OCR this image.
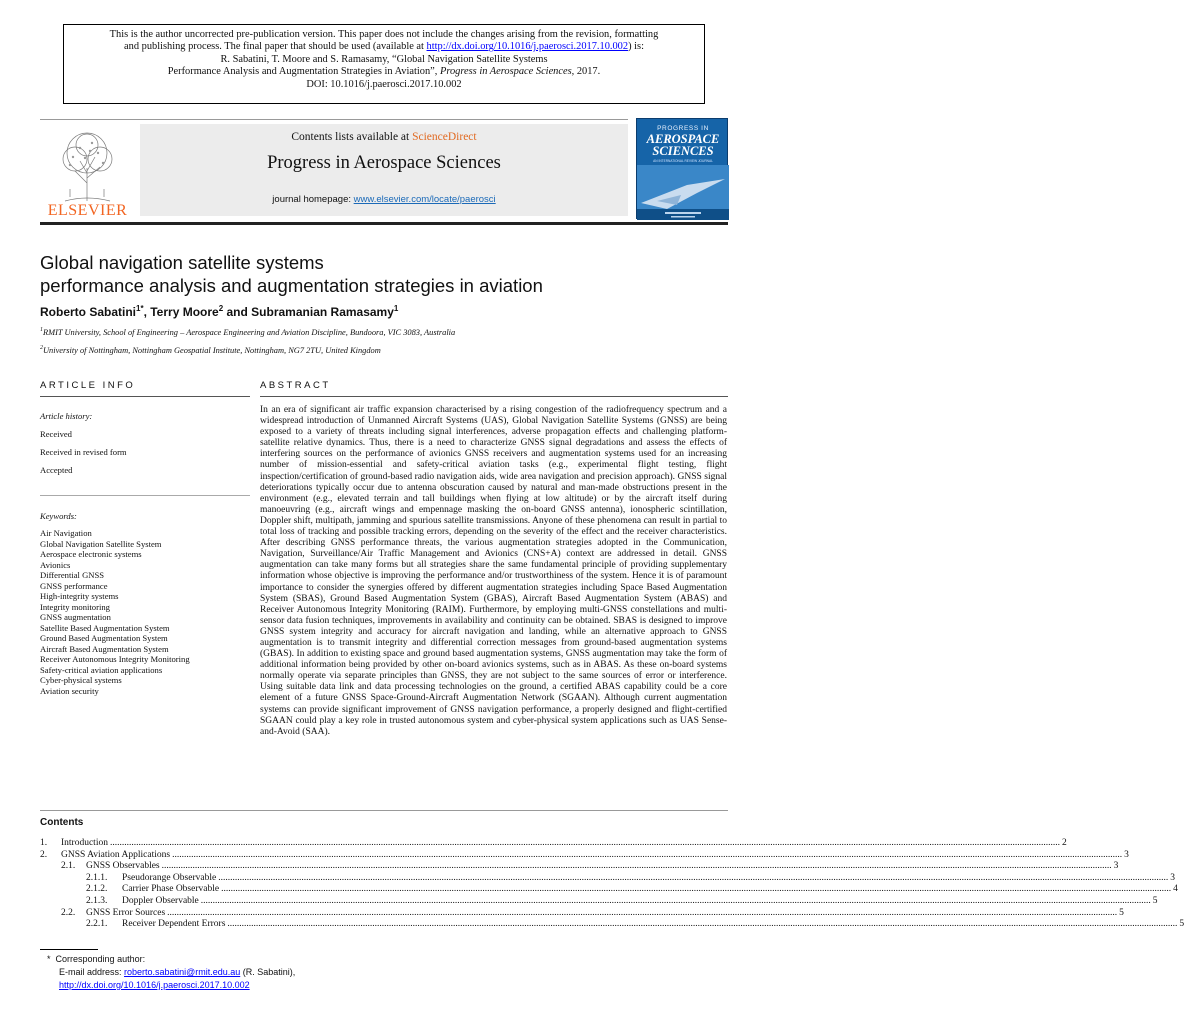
This is the author uncorrected pre-publication version. This paper does not include the changes arising from the revision, formatting
and publishing process. The final paper that should be used (available at http://dx.doi.org/10.1016/j.paerosci.2017.10.002) is:
R. Sabatini, T. Moore and S. Ramasamy, “Global Navigation Satellite Systems
Performance Analysis and Augmentation Strategies in Aviation”, Progress in Aerospace Sciences, 2017.
DOI: 10.1016/j.paerosci.2017.10.002
ELSEVIER
Contents lists available at ScienceDirect
Progress in Aerospace Sciences
journal homepage: www.elsevier.com/locate/paerosci
PROGRESS IN
AEROSPACE
SCIENCES
AN INTERNATIONAL REVIEW JOURNAL
Global navigation satellite systems
performance analysis and augmentation strategies in aviation
Roberto Sabatini$^{1*}$, Terry Moore$^2$ and Subramanian Ramasamy$^1$
$^1$RMIT University, School of Engineering – Aerospace Engineering and Aviation Discipline, Bundoora, VIC 3083, Australia
$^2$University of Nottingham, Nottingham Geospatial Institute, Nottingham, NG7 2TU, United Kingdom
ARTICLE INFO
Article history:
Received
Received in revised form
Accepted
Keywords:
Air Navigation
Global Navigation Satellite System
Aerospace electronic systems
Avionics
Differential GNSS
GNSS performance
High-integrity systems
Integrity monitoring
GNSS augmentation
Satellite Based Augmentation System
Ground Based Augmentation System
Aircraft Based Augmentation System
Receiver Autonomous Integrity Monitoring
Safety-critical aviation applications
Cyber-physical systems
Aviation security
ABSTRACT
In an era of significant air traffic expansion characterised by a rising congestion of the radiofrequency spectrum and a widespread introduction of Unmanned Aircraft Systems (UAS), Global Navigation Satellite Systems (GNSS) are being exposed to a variety of threats including signal interferences, adverse propagation effects and challenging platform-satellite relative dynamics. Thus, there is a need to characterize GNSS signal degradations and assess the effects of interfering sources on the performance of avionics GNSS receivers and augmentation systems used for an increasing number of mission-essential and safety-critical aviation tasks (e.g., experimental flight testing, flight inspection/certification of ground-based radio navigation aids, wide area navigation and precision approach). GNSS signal deteriorations typically occur due to antenna obscuration caused by natural and man-made obstructions present in the environment (e.g., elevated terrain and tall buildings when flying at low altitude) or by the aircraft itself during manoeuvring (e.g., aircraft wings and empennage masking the on-board GNSS antenna), ionospheric scintillation, Doppler shift, multipath, jamming and spurious satellite transmissions. Anyone of these phenomena can result in partial to total loss of tracking and possible tracking errors, depending on the severity of the effect and the receiver characteristics. After describing GNSS performance threats, the various augmentation strategies adopted in the Communication, Navigation, Surveillance/Air Traffic Management and Avionics (CNS+A) context are addressed in detail. GNSS augmentation can take many forms but all strategies share the same fundamental principle of providing supplementary information whose objective is improving the performance and/or trustworthiness of the system. Hence it is of paramount importance to consider the synergies offered by different augmentation strategies including Space Based Augmentation System (SBAS), Ground Based Augmentation System (GBAS), Aircraft Based Augmentation System (ABAS) and Receiver Autonomous Integrity Monitoring (RAIM). Furthermore, by employing multi-GNSS constellations and multi-sensor data fusion techniques, improvements in availability and continuity can be obtained. SBAS is designed to improve GNSS system integrity and accuracy for aircraft navigation and landing, while an alternative approach to GNSS augmentation is to transmit integrity and differential correction messages from ground-based augmentation systems (GBAS). In addition to existing space and ground based augmentation systems, GNSS augmentation may take the form of additional information being provided by other on-board avionics systems, such as in ABAS. As these on-board systems normally operate via separate principles than GNSS, they are not subject to the same sources of error or interference. Using suitable data link and data processing technologies on the ground, a certified ABAS capability could be a core element of a future GNSS Space-Ground-Aircraft Augmentation Network (SGAAN). Although current augmentation systems can provide significant improvement of GNSS navigation performance, a properly designed and flight-certified SGAAN could play a key role in trusted autonomous system and cyber-physical system applications such as UAS Sense-and-Avoid (SAA).
Contents
1.	Introduction ................................................................................................................................................................................................................................................................................................................................................................................................................ 2
2.	GNSS Aviation Applications ................................................................................................................................................................................................................................................................................................................................................................................................................ 3
2.1.	GNSS Observables ................................................................................................................................................................................................................................................................................................................................................................................................................ 3
2.1.1.	Pseudorange Observable ................................................................................................................................................................................................................................................................................................................................................................................................................ 3
2.1.2.	Carrier Phase Observable ................................................................................................................................................................................................................................................................................................................................................................................................................ 4
2.1.3.	Doppler Observable ................................................................................................................................................................................................................................................................................................................................................................................................................ 5
2.2.	GNSS Error Sources ................................................................................................................................................................................................................................................................................................................................................................................................................ 5
2.2.1.	Receiver Dependent Errors ................................................................................................................................................................................................................................................................................................................................................................................................................ 5
* Corresponding author:
E-mail address: roberto.sabatini@rmit.edu.au (R. Sabatini),
http://dx.doi.org/10.1016/j.paerosci.2017.10.002
